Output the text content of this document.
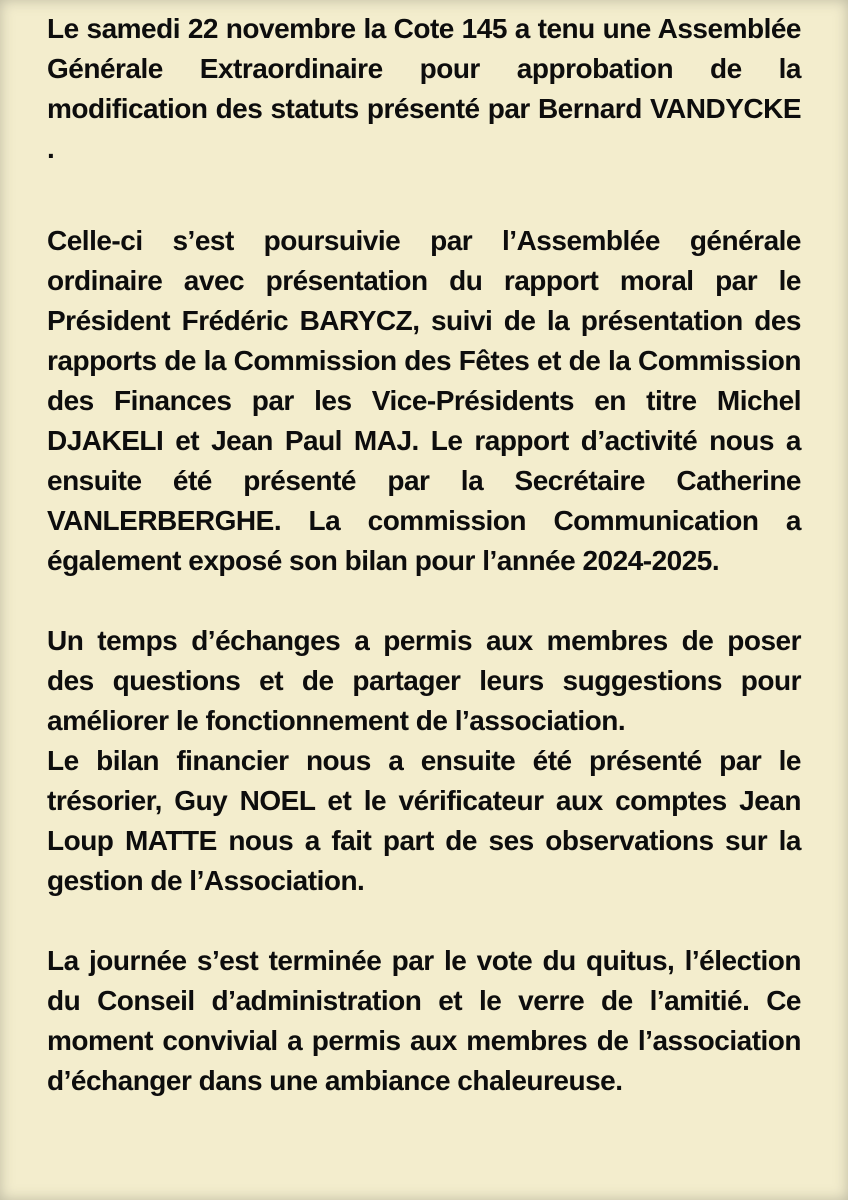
Le samedi 22 novembre la Cote 145 a tenu une Assemblée Générale Extraordinaire pour approbation de la modification des statuts présenté par Bernard VANDYCKE .

Celle-ci s’est poursuivie par l’Assemblée générale ordinaire avec présentation du rapport moral par le Président Frédéric BARYCZ, suivi de la présentation des rapports de la Commission des Fêtes et de la Commission des Finances par les Vice-Présidents en titre Michel DJAKELI et Jean Paul MAJ. Le rapport d’activité nous a ensuite été présenté par la Secrétaire Catherine VANLERBERGHE. La commission Communication a également exposé son bilan pour l’année 2024-2025.

Un temps d’échanges a permis aux membres de poser des questions et de partager leurs suggestions pour améliorer le fonctionnement de l’association.

Le bilan financier nous a ensuite été présenté par le trésorier, Guy NOEL et le vérificateur aux comptes Jean Loup MATTE nous a fait part de ses observations sur la gestion de l’Association.

La journée s’est terminée par le vote du quitus, l’élection du Conseil d’administration et le verre de l’amitié. Ce moment convivial a permis aux membres de l’association d’échanger dans une ambiance chaleureuse.
